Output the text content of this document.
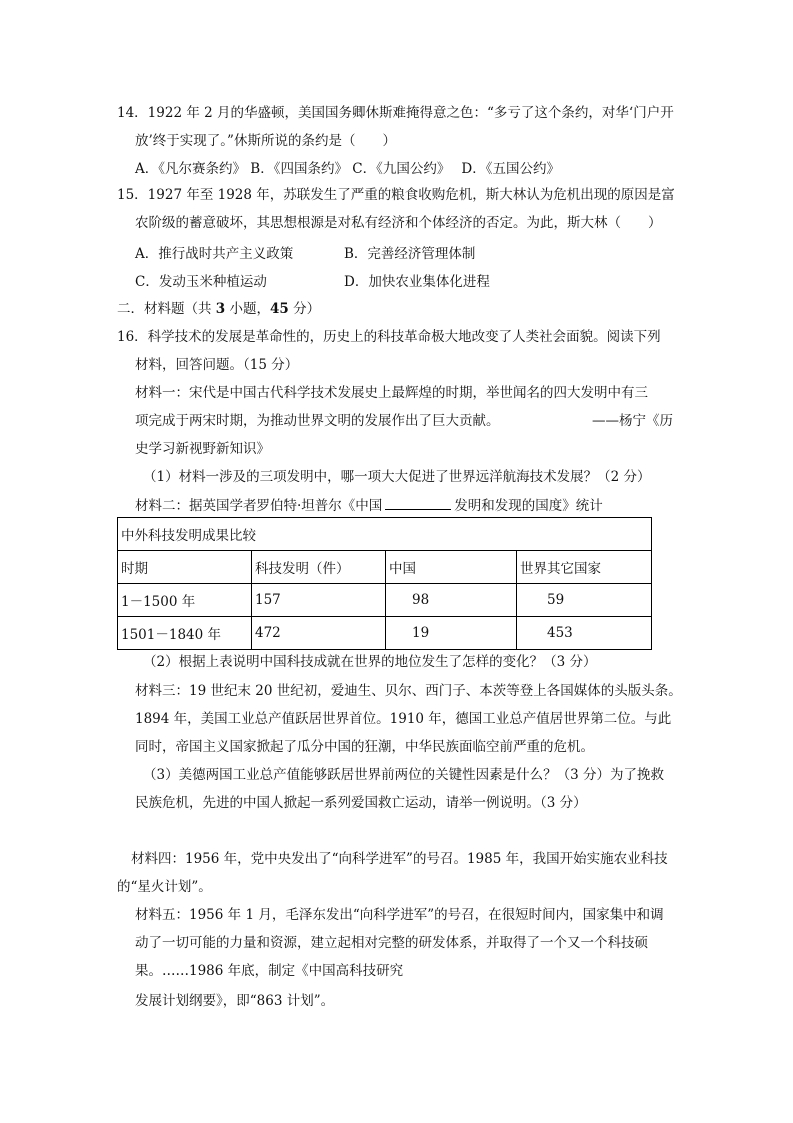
14．1922 年 2 月的华盛顿，美国国务卿休斯难掩得意之色：“多亏了这个条约，对华‘门户开
放’终于实现了。”休斯所说的条约是（　　）
A．《凡尔赛条约》 B．《四国条约》 C．《九国公约》　 D．《五国公约》
15．1927 年至 1928 年，苏联发生了严重的粮食收购危机，斯大林认为危机出现的原因是富
农阶级的蓄意破坏，其思想根源是对私有经济和个体经济的否定。为此，斯大林（　　）
A．推行战时共产主义政策	B．完善经济管理体制
C．发动玉米种植运动	D．加快农业集体化进程
二．材料题（共 3 小题，45 分）
16．科学技术的发展是革命性的，历史上的科技革命极大地改变了人类社会面貌。阅读下列
材料，回答问题。（15 分）
材料一：宋代是中国古代科学技术发展史上最辉煌的时期，举世闻名的四大发明中有三
项完成于两宋时期，为推动世界文明的发展作出了巨大贡献。	——杨宁《历
史学习新视野新知识》
（1）材料一涉及的三项发明中，哪一项大大促进了世界远洋航海技术发展？（2 分）
材料二：据英国学者罗伯特·坦普尔《中国	发明和发现的国度》统计
中外科技发明成果比较			
时期	科技发明（件）	中国	世界其它国家
1－1500 年	157	98	59
1501－1840 年	472	19	453
（2）根据上表说明中国科技成就在世界的地位发生了怎样的变化？（3 分）
材料三：19 世纪末 20 世纪初，爱迪生、贝尔、西门子、本茨等登上各国媒体的头版头条。
1894 年，美国工业总产值跃居世界首位。1910 年，德国工业总产值居世界第二位。与此
同时，帝国主义国家掀起了瓜分中国的狂潮，中华民族面临空前严重的危机。
（3）美德两国工业总产值能够跃居世界前两位的关键性因素是什么？（3 分）为了挽救
民族危机，先进的中国人掀起一系列爱国救亡运动，请举一例说明。（3 分）
材料四：1956 年，党中央发出了“向科学进军”的号召。1985 年，我国开始实施农业科技
的“星火计划”。
材料五：1956 年 1 月，毛泽东发出“向科学进军”的号召，在很短时间内，国家集中和调
动了一切可能的力量和资源，建立起相对完整的研发体系，并取得了一个又一个科技硕
果。……1986 年底，制定《中国高科技研究
发展计划纲要》，即“863 计划”。
